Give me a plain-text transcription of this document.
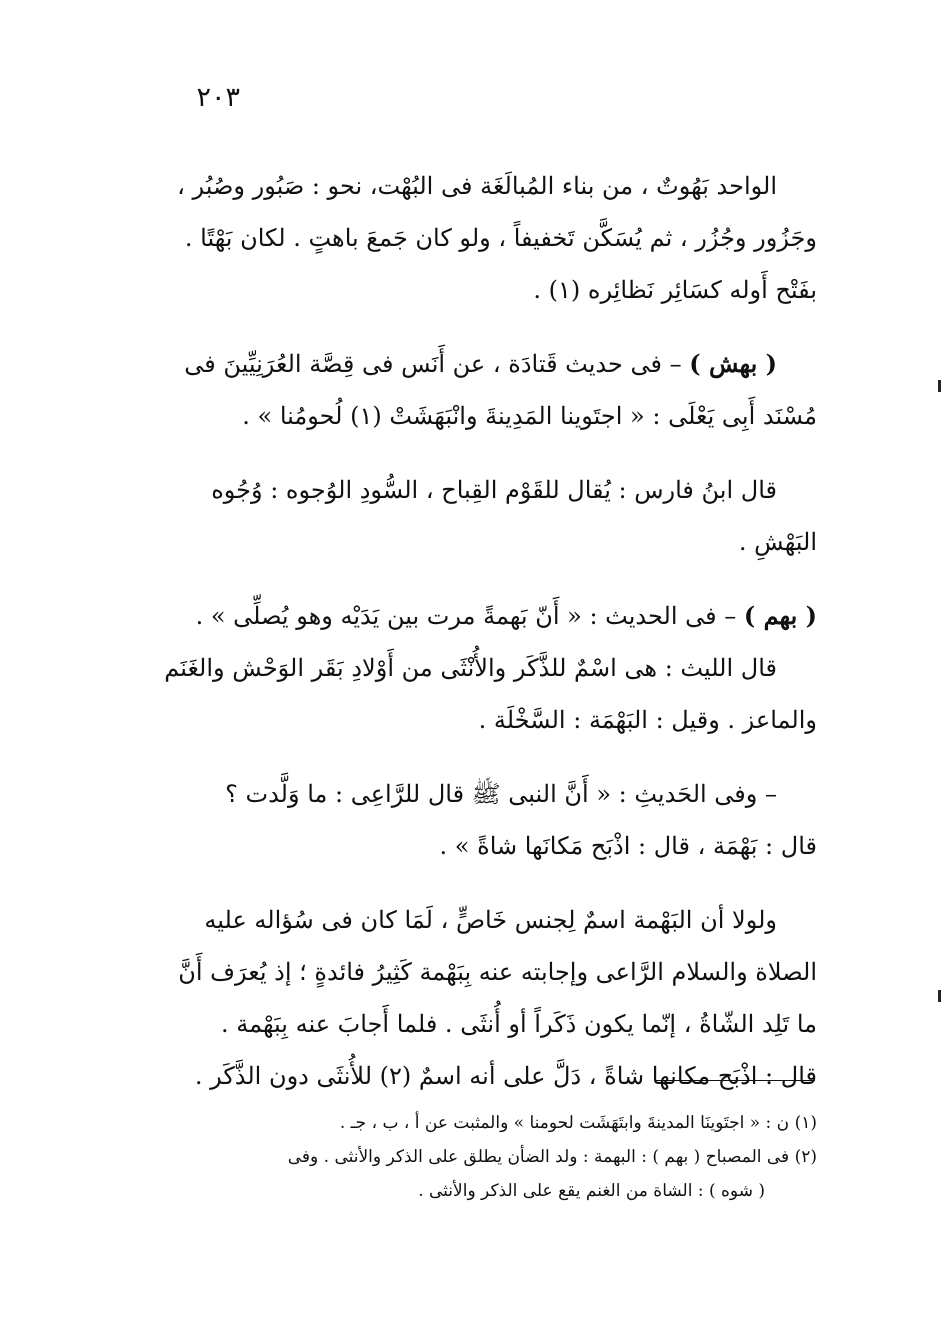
٢٠٣

الواحد بَهُوتٌ ، من بناء المُبالَغَة فى البُهْت، نحو : صَبُور وصُبُر ،
وجَزُور وجُزُر ، ثم يُسَكَّن تَخفيفاً ، ولو كان جَمعَ باهتٍ . لكان بَهْتًا .
بفَتْح أَوله كسَائِر نَظائِره (١) .

( بهش ) – فى حديث قَتادَة ، عن أَنَس فى قِصَّة العُرَنِيِّينَ فى
مُسْنَد أَبِى يَعْلَى : « اجتَوينا المَدِينةَ وانْبَهَشَتْ (١) لُحومُنا » .

قال ابنُ فارس : يُقال للقَوْم القِباح ، السُّودِ الوُجوه : وُجُوه
البَهْشِ .

( بهم ) – فى الحديث : « أَنّ بَهمةً مرت بين يَدَيْه وهو يُصلِّى » .
قال الليث : هى اسْمٌ للذَّكَر والأُنْثَى من أَوْلادِ بَقَر الوَحْش والغَنَم
والماعز . وقيل : البَهْمَة : السَّخْلَة .

– وفى الحَديثِ : « أَنَّ النبى ﷺ قال للرَّاعِى : ما وَلَّدت ؟
قال : بَهْمَة ، قال : اذْبَح مَكانَها شاةً » .

ولولا أن البَهْمة اسمٌ لِجنس خَاصٍّ ، لَمَا كان فى سُؤاله عليه
الصلاة والسلام الرَّاعى وإجابته عنه بِبَهْمة كَثِيرُ فائدةٍ ؛ إذ يُعرَف أَنَّ
ما تَلِد الشّاةُ ، إنّما يكون ذَكَراً أو أُنثَى . فلما أَجابَ عنه بِبَهْمة .
قال : اذْبَح مكانها شاةً ، دَلَّ على أنه اسمٌ (٢) للأُنثَى دون الذَّكَر .

(١) ن : « اجتَوينَا المدينةَ وابتَهَشَت لحومنا » والمثبت عن أ ، ب ، جـ .
(٢) فى المصباح ( بهم ) : البهمة : ولد الضأن يطلق على الذكر والأنثى . وفى
( شوه ) : الشاة من الغنم يقع على الذكر والأنثى .
